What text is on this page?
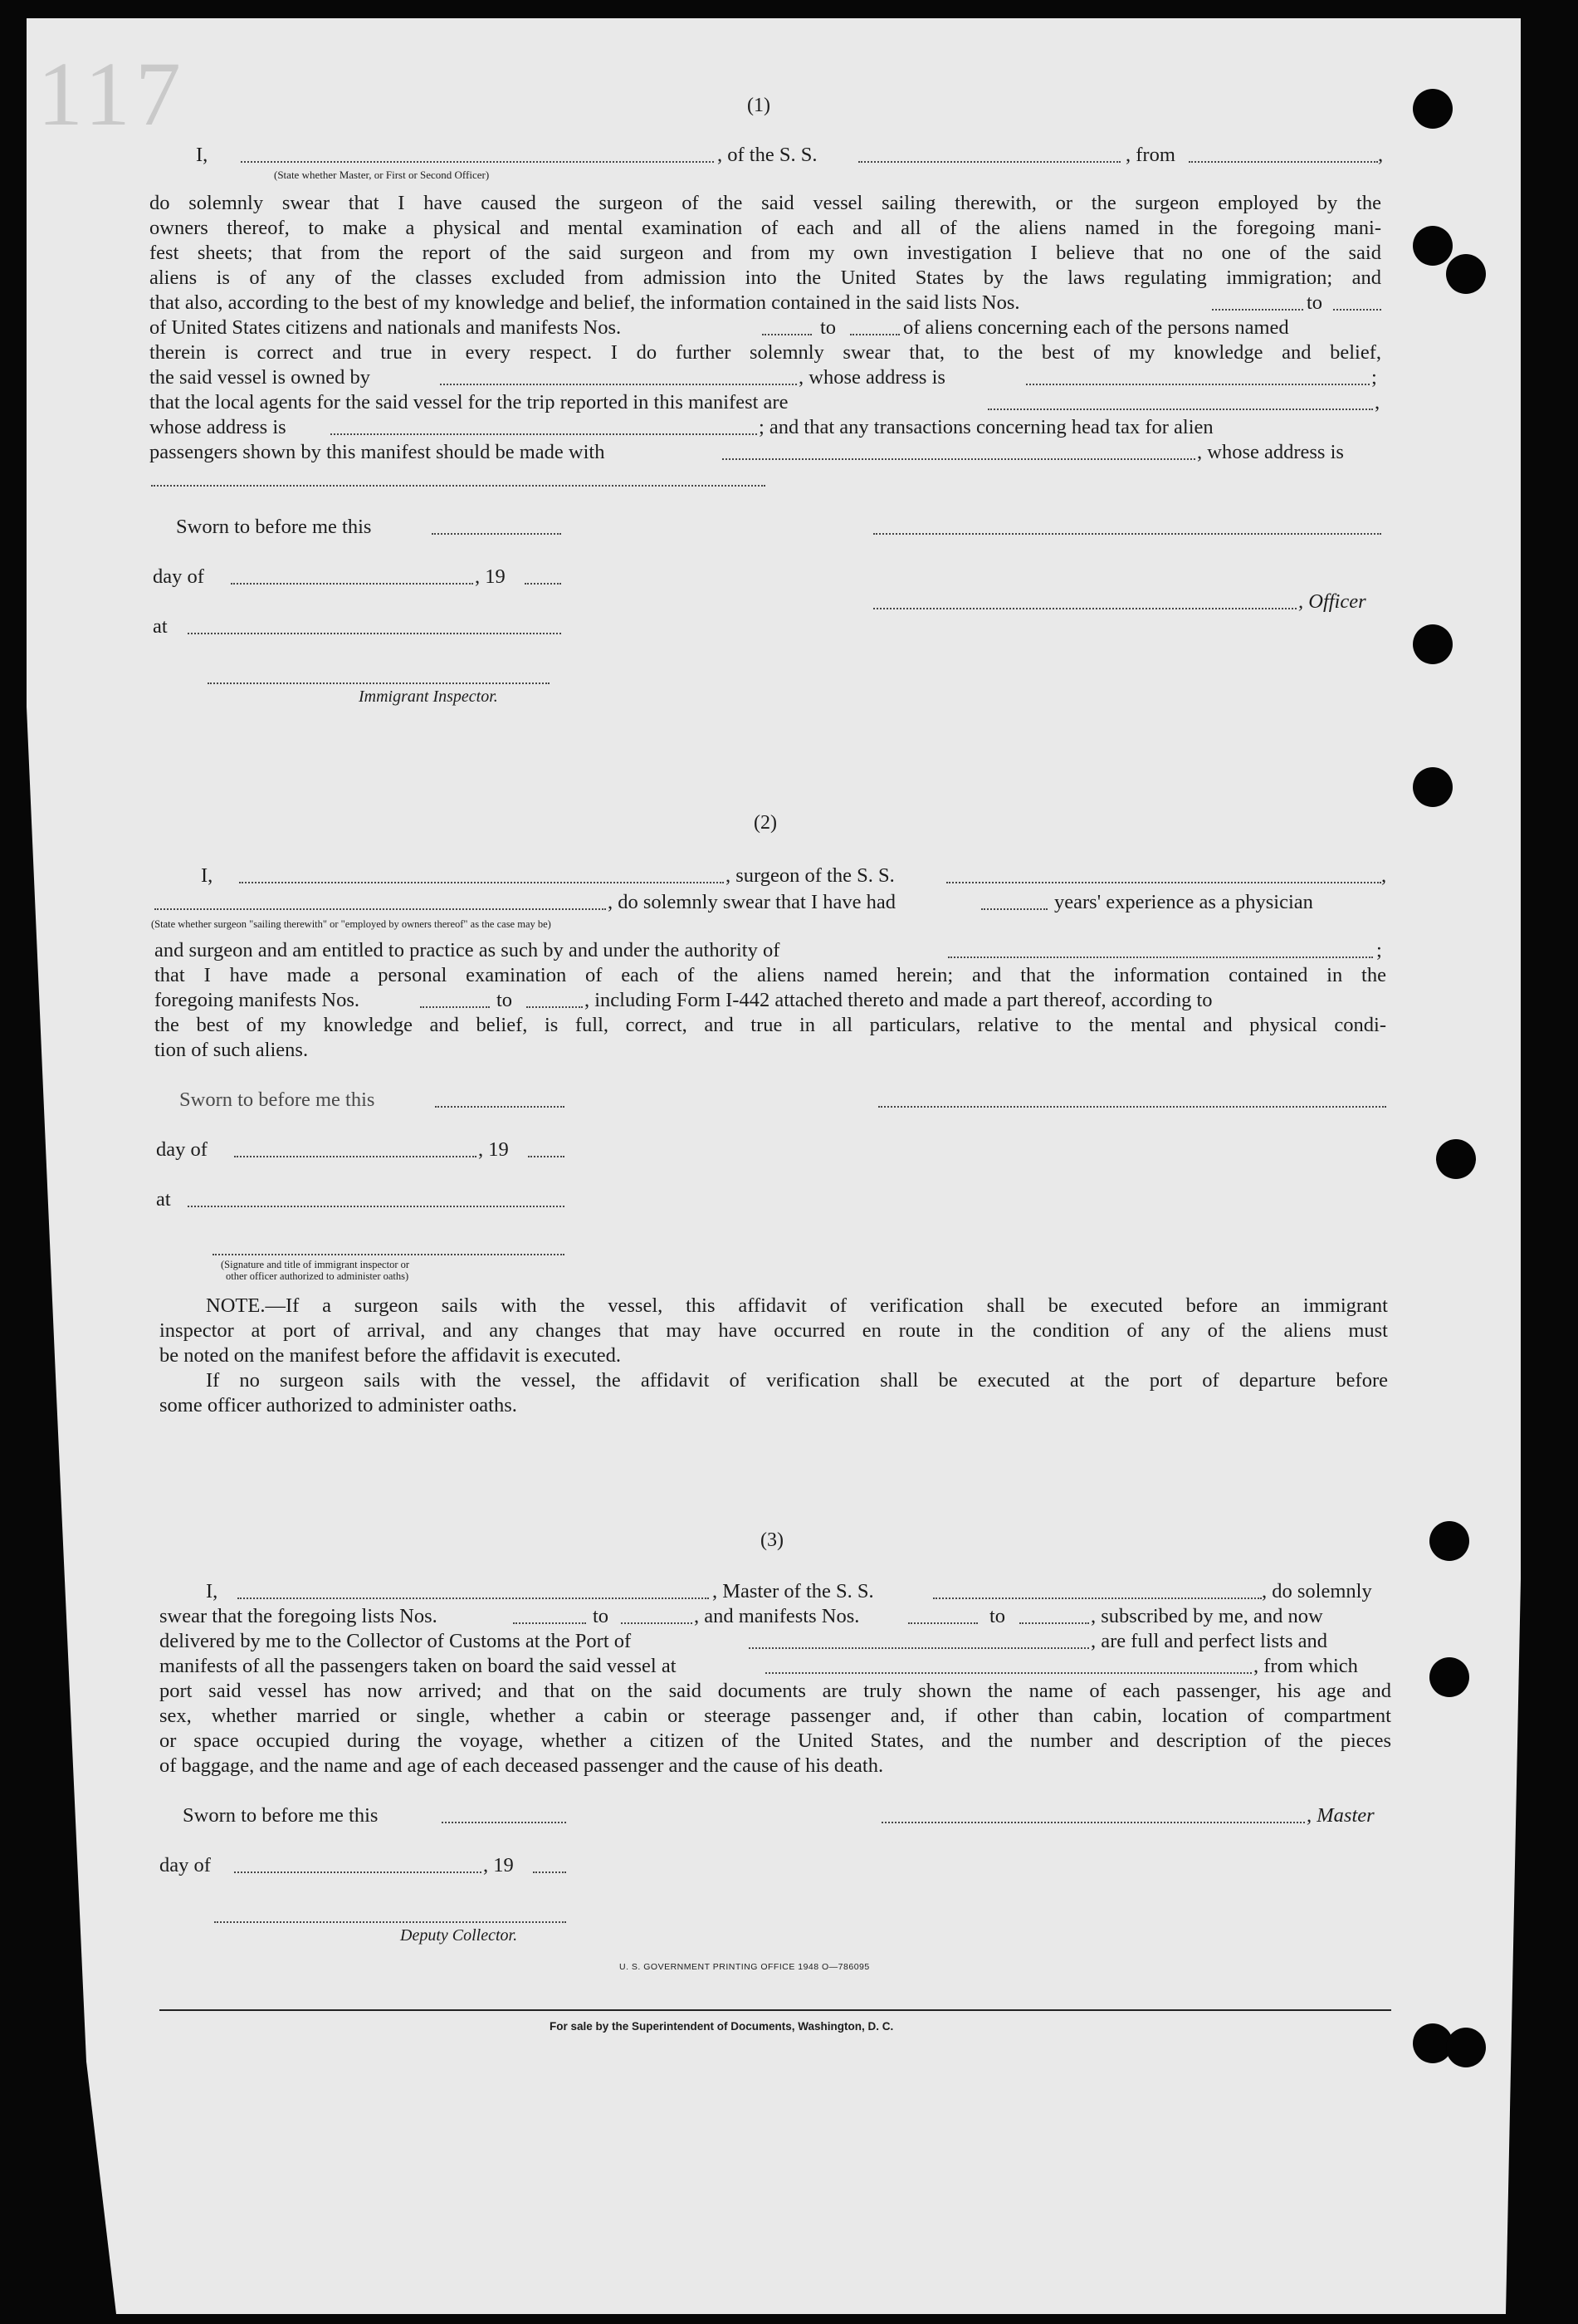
117	(1)
I,	, of the S. S.	, from	,
(State whether Master, or First or Second Officer)
do solemnly swear that I have caused the surgeon of the said vessel sailing therewith, or the surgeon employed by the
owners thereof, to make a physical and mental examination of each and all of the aliens named in the foregoing mani-
fest sheets; that from the report of the said surgeon and from my own investigation I believe that no one of the said
aliens is of any of the classes excluded from admission into the United States by the laws regulating immigration; and
that also, according to the best of my knowledge and belief, the information contained in the said lists Nos.	to
of United States citizens and nationals and manifests Nos.	to	of aliens concerning each of the persons named
therein is correct and true in every respect. I do further solemnly swear that, to the best of my knowledge and belief,
the said vessel is owned by	, whose address is	;
that the local agents for the said vessel for the trip reported in this manifest are	,
whose address is	; and that any transactions concerning head tax for alien
passengers shown by this manifest should be made with	, whose address is
Sworn to before me this
day of	, 19
, Officer
at
Immigrant Inspector.
(2)
I,	, surgeon of the S. S.	,
, do solemnly swear that I have had	years' experience as a physician
(State whether surgeon "sailing therewith" or "employed by owners thereof" as the case may be)
and surgeon and am entitled to practice as such by and under the authority of	;
that I have made a personal examination of each of the aliens named herein; and that the information contained in the
foregoing manifests Nos.	to	, including Form I-442 attached thereto and made a part thereof, according to
the best of my knowledge and belief, is full, correct, and true in all particulars, relative to the mental and physical condi-
tion of such aliens.
Sworn to before me this
day of	, 19
at
(Signature and title of immigrant inspector or
other officer authorized to administer oaths)
NOTE.—If a surgeon sails with the vessel, this affidavit of verification shall be executed before an immigrant
inspector at port of arrival, and any changes that may have occurred en route in the condition of any of the aliens must
be noted on the manifest before the affidavit is executed.
If no surgeon sails with the vessel, the affidavit of verification shall be executed at the port of departure before
some officer authorized to administer oaths.
(3)
I,	, Master of the S. S.	, do solemnly
swear that the foregoing lists Nos.	to	, and manifests Nos.	to	, subscribed by me, and now
delivered by me to the Collector of Customs at the Port of	, are full and perfect lists and
manifests of all the passengers taken on board the said vessel at	, from which
port said vessel has now arrived; and that on the said documents are truly shown the name of each passenger, his age and
sex, whether married or single, whether a cabin or steerage passenger and, if other than cabin, location of compartment
or space occupied during the voyage, whether a citizen of the United States, and the number and description of the pieces
of baggage, and the name and age of each deceased passenger and the cause of his death.
Sworn to before me this	, Master
day of	, 19
Deputy Collector.
U. S. GOVERNMENT PRINTING OFFICE 1948 O—786095
For sale by the Superintendent of Documents, Washington, D. C.
